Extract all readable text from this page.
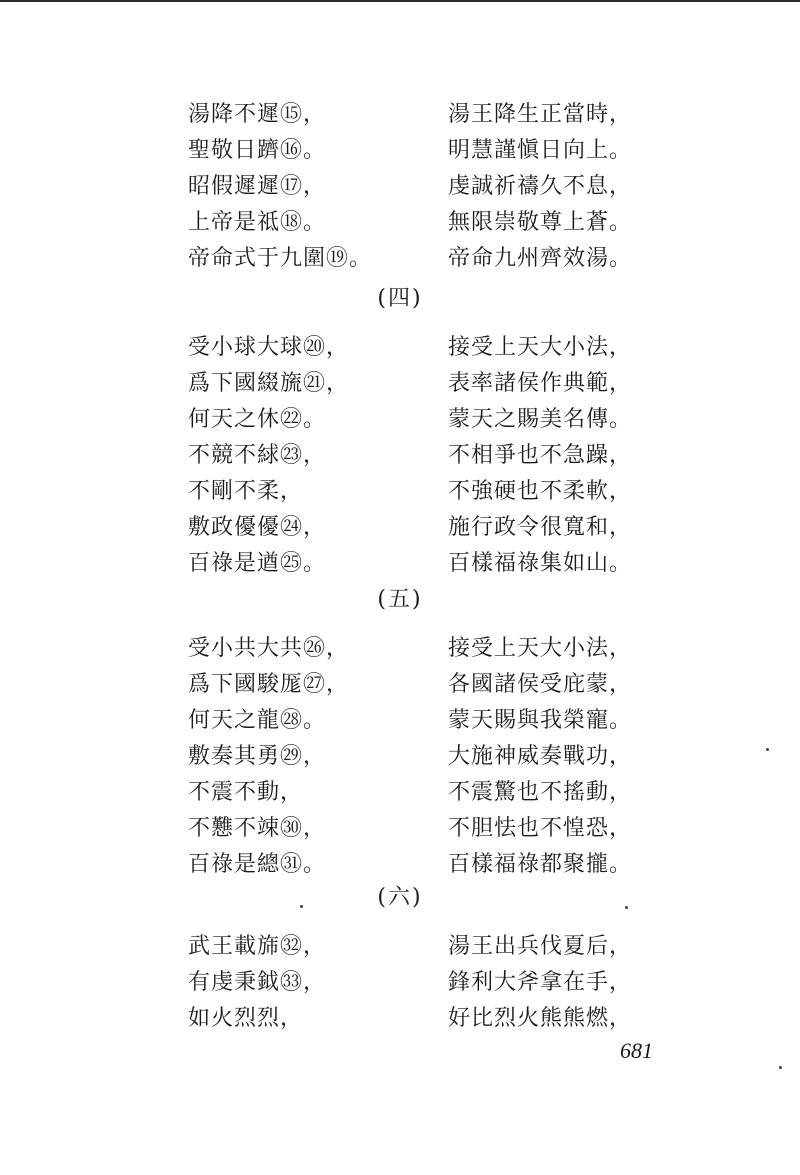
湯降不遲⑮，	湯王降生正當時，
聖敬日躋⑯。	明慧謹愼日向上。
昭假遲遲⑰，	虔誠祈禱久不息，
上帝是祗⑱。	無限崇敬尊上蒼。
帝命式于九圍⑲。	帝命九州齊效湯。
(四)
受小球大球⑳，	接受上天大小法，
爲下國綴旒㉑，	表率諸侯作典範，
何天之休㉒。	蒙天之賜美名傳。
不競不絿㉓，	不相爭也不急躁，
不剛不柔，	不強硬也不柔軟，
敷政優優㉔，	施行政令很寬和，
百祿是遒㉕。	百樣福祿集如山。
(五)
受小共大共㉖，	接受上天大小法，
爲下國駿厖㉗，	各國諸侯受庇蒙，
何天之龍㉘。	蒙天賜與我榮寵。
敷奏其勇㉙，	大施神威奏戰功，
不震不動，	不震驚也不搖動，
不戁不竦㉚，	不胆怯也不惶恐，
百祿是總㉛。	百樣福祿都聚攏。
(六)
武王載旆㉜，	湯王出兵伐夏后，
有虔秉鉞㉝，	鋒利大斧拿在手，
如火烈烈，	好比烈火熊熊燃，
681
